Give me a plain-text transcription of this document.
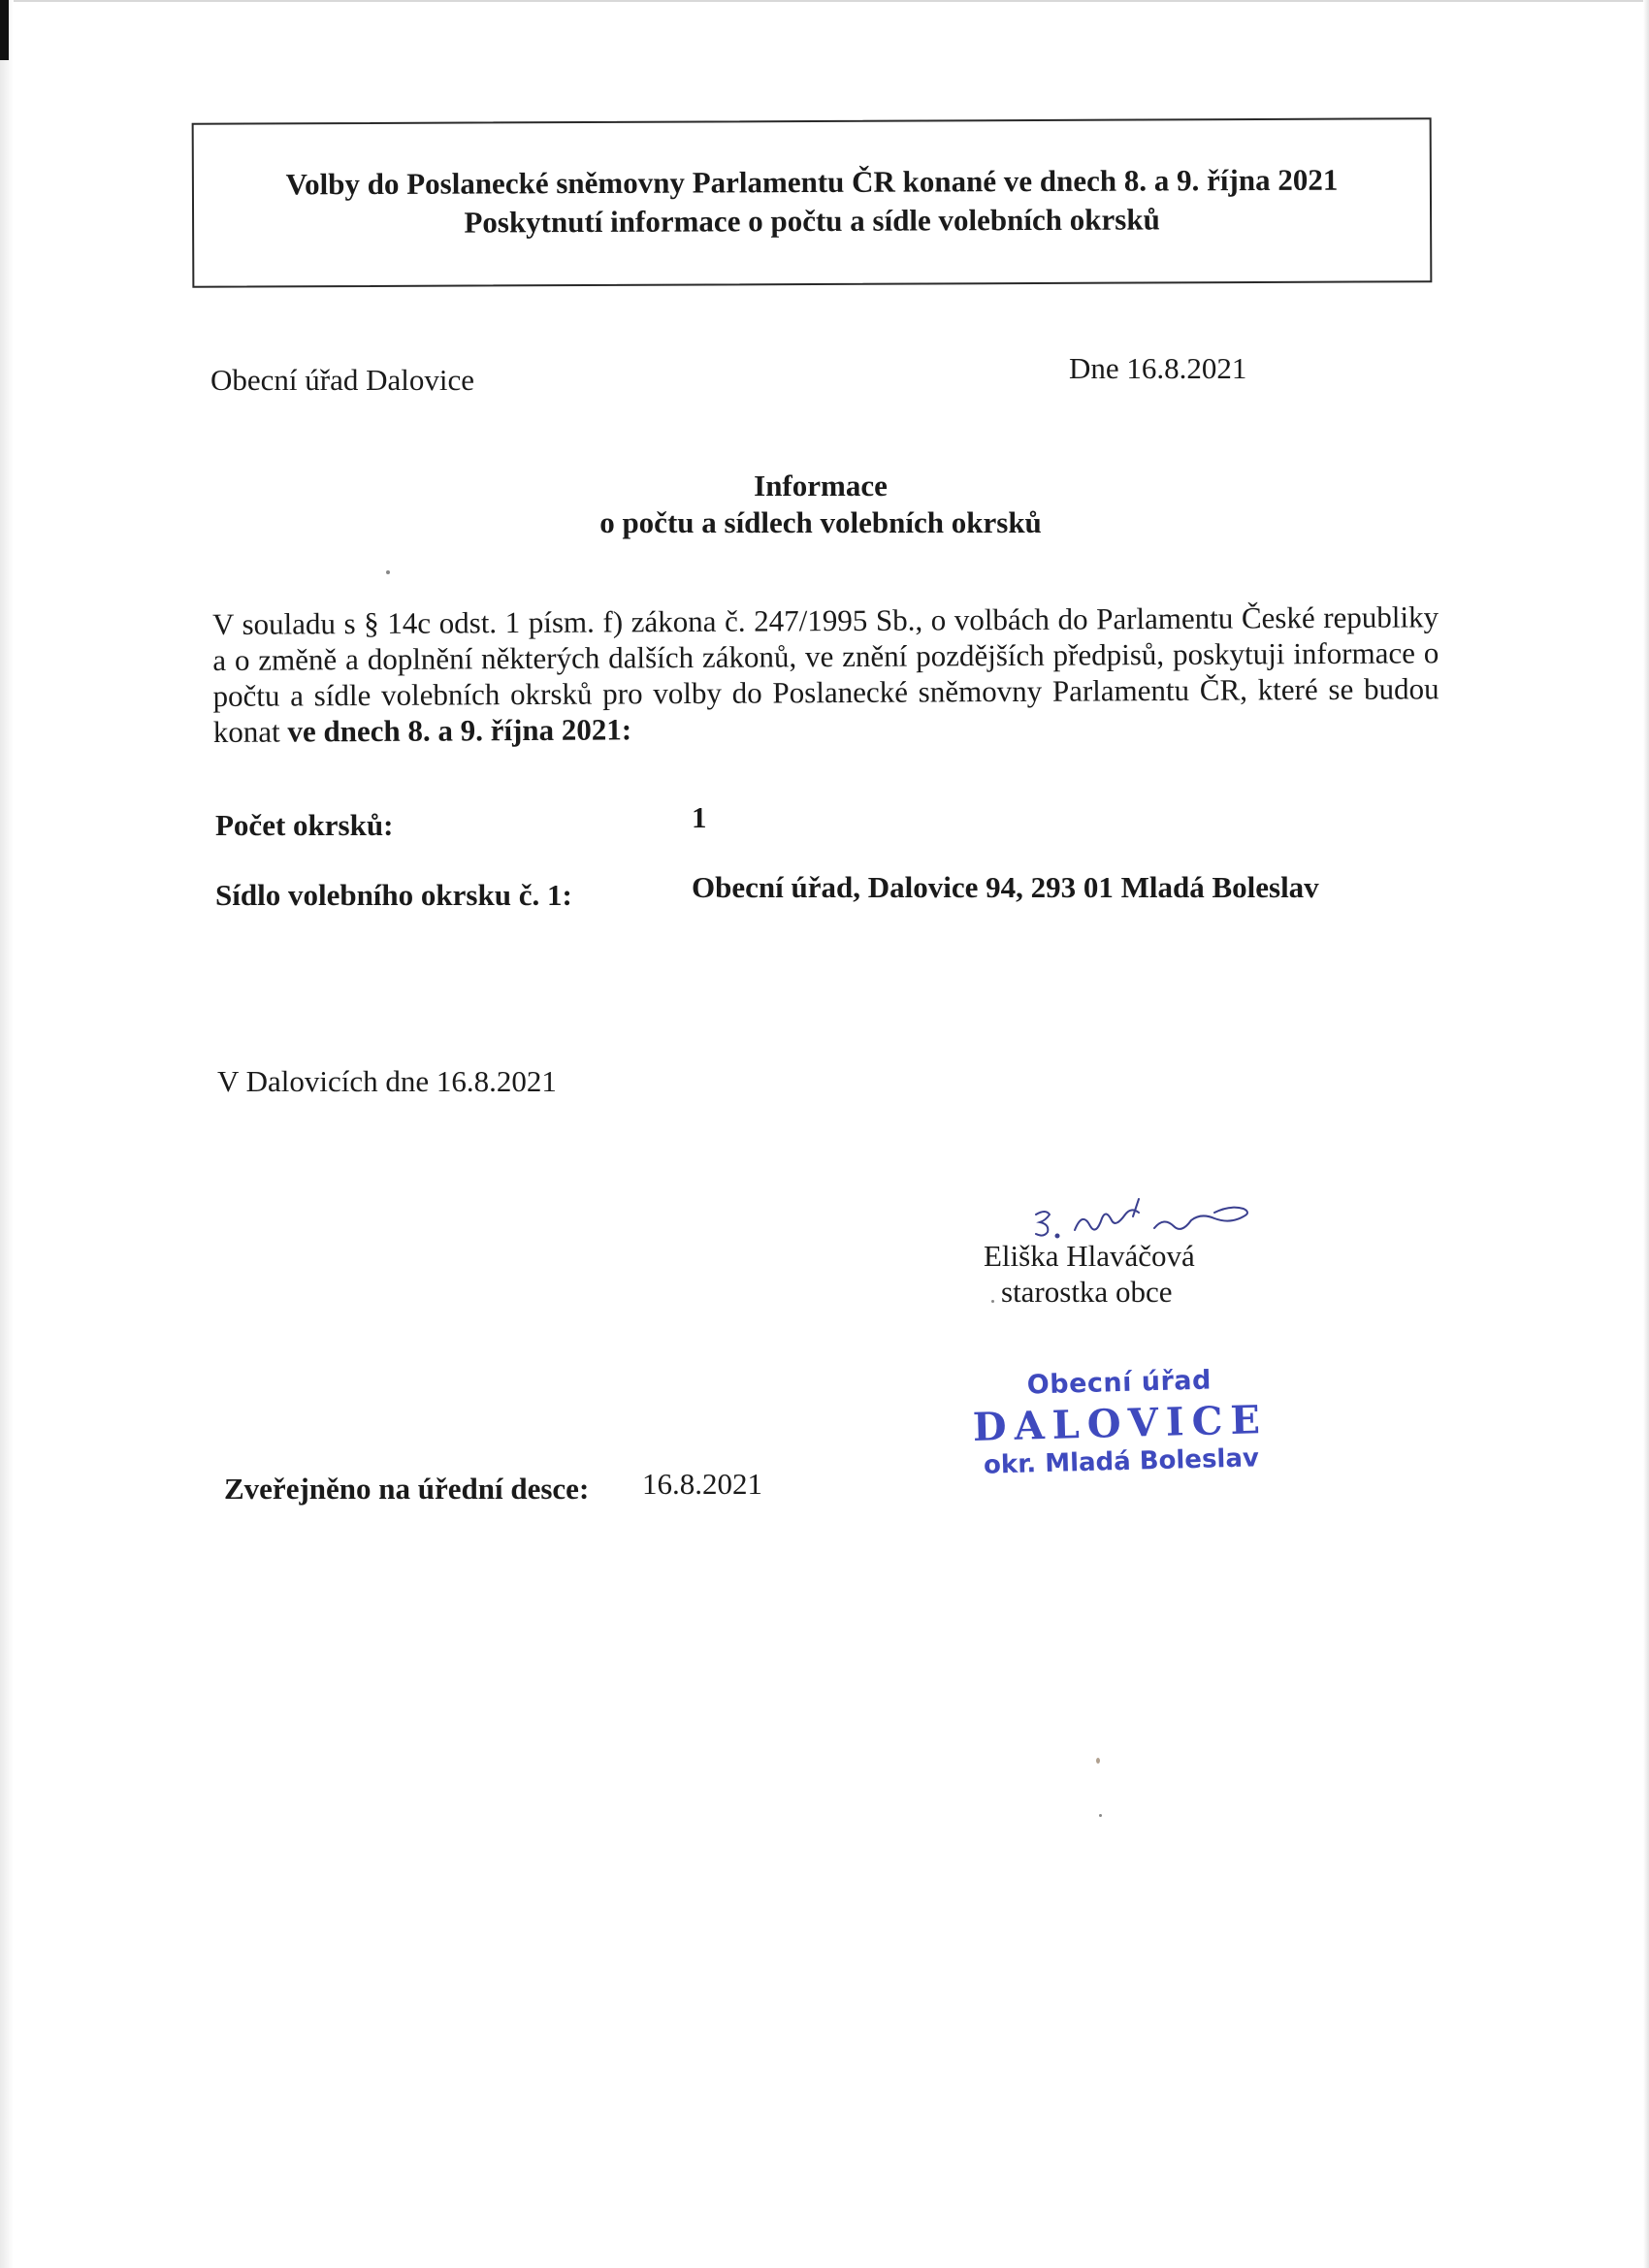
Volby do Poslanecké sněmovny Parlamentu ČR konané ve dnech 8. a 9. října 2021
Poskytnutí informace o počtu a sídle volebních okrsků
Obecní úřad Dalovice	Dne 16.8.2021
Informace
o počtu a sídlech volebních okrsků
V souladu s § 14c odst. 1 písm. f) zákona č. 247/1995 Sb., o volbách do Parlamentu České republiky a o změně a doplnění některých dalších zákonů, ve znění pozdějších předpisů, poskytuji informace o počtu a sídle volebních okrsků pro volby do Poslanecké sněmovny Parlamentu ČR, které se budou konat ve dnech 8. a 9. října 2021:
Počet okrsků:	1
Sídlo volebního okrsku č. 1:	Obecní úřad, Dalovice 94, 293 01 Mladá Boleslav
V Dalovicích dne 16.8.2021
Eliška Hlaváčová
starostka obce
Obecní úřad
DALOVICE
okr. Mladá Boleslav
Zveřejněno na úřední desce: 16.8.2021
